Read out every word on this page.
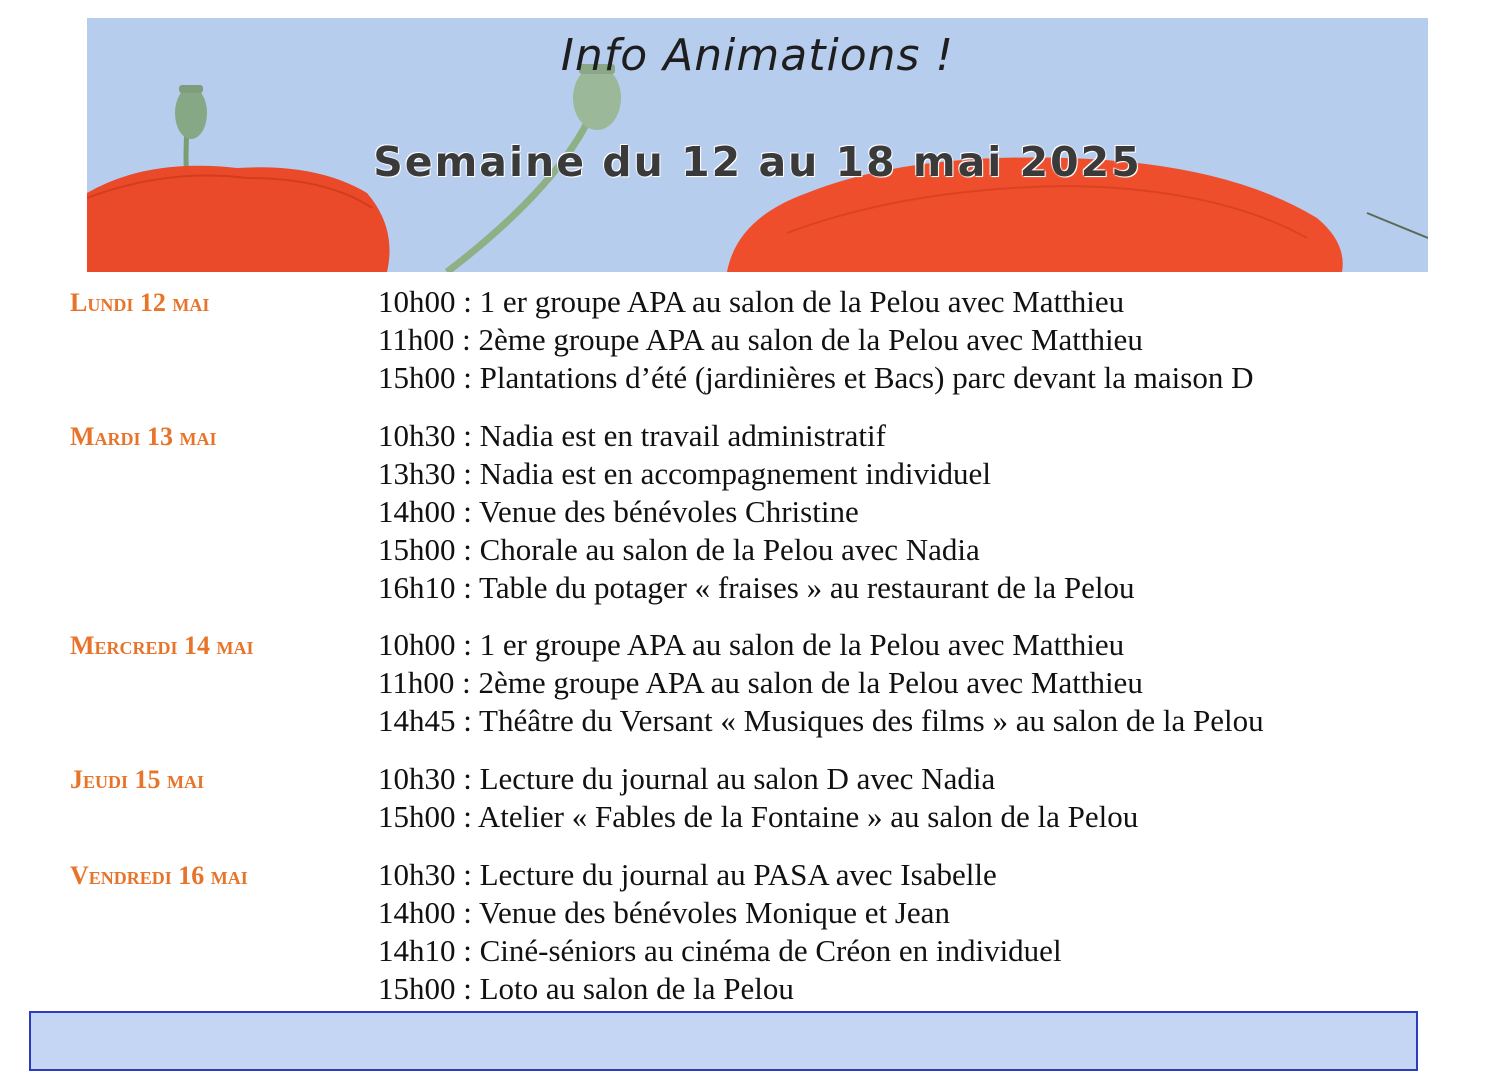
Info Animations !
Semaine du 12 au 18 mai 2025
Lundi 12 mai	10h00 : 1 er groupe APA au salon de la Pelou avec Matthieu
11h00 : 2ème groupe APA au salon de la Pelou avec Matthieu
15h00 : Plantations d’été (jardinières et Bacs) parc devant la maison D
Mardi 13 mai	10h30 : Nadia est en travail administratif
13h30 : Nadia est en accompagnement individuel
14h00 : Venue des bénévoles Christine
15h00 : Chorale au salon de la Pelou avec Nadia
16h10 : Table du potager « fraises » au restaurant de la Pelou
Mercredi 14 mai	10h00 : 1 er groupe APA au salon de la Pelou avec Matthieu
11h00 : 2ème groupe APA au salon de la Pelou avec Matthieu
14h45 : Théâtre du Versant « Musiques des films » au salon de la Pelou
Jeudi 15 mai	10h30 : Lecture du journal au salon D avec Nadia
15h00 : Atelier « Fables de la Fontaine » au salon de la Pelou
Vendredi 16 mai	10h30 : Lecture du journal au PASA avec Isabelle
14h00 : Venue des bénévoles Monique et Jean
14h10 : Ciné-séniors au cinéma de Créon en individuel
15h00 : Loto au salon de la Pelou
